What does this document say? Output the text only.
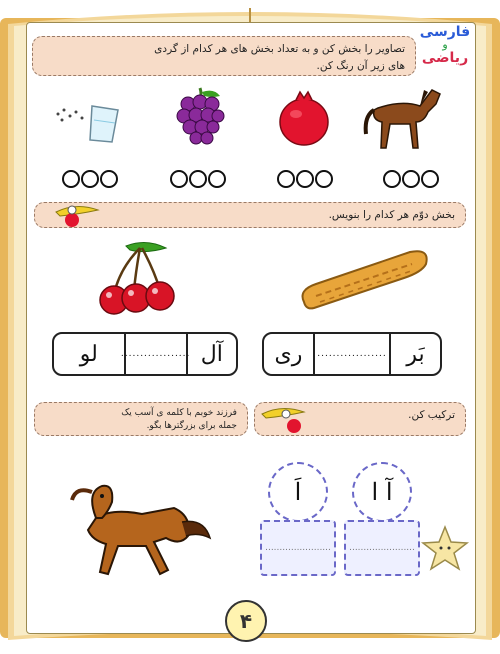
فارسی
و
ریاضی
تصاویر را بخش کن و به تعداد بخش های هر کدام از گردی
های زیر آن رنگ کن.
بخش دوّم هر کدام را بنویس.
ری	.................. بَر
لو	.................. آل
ترکیب کن.
فرزند خوبم با کلمه ی آسب یک
جمله برای بزرگترها بگو.
آ ا
اَ
.......................
.......................
۴
